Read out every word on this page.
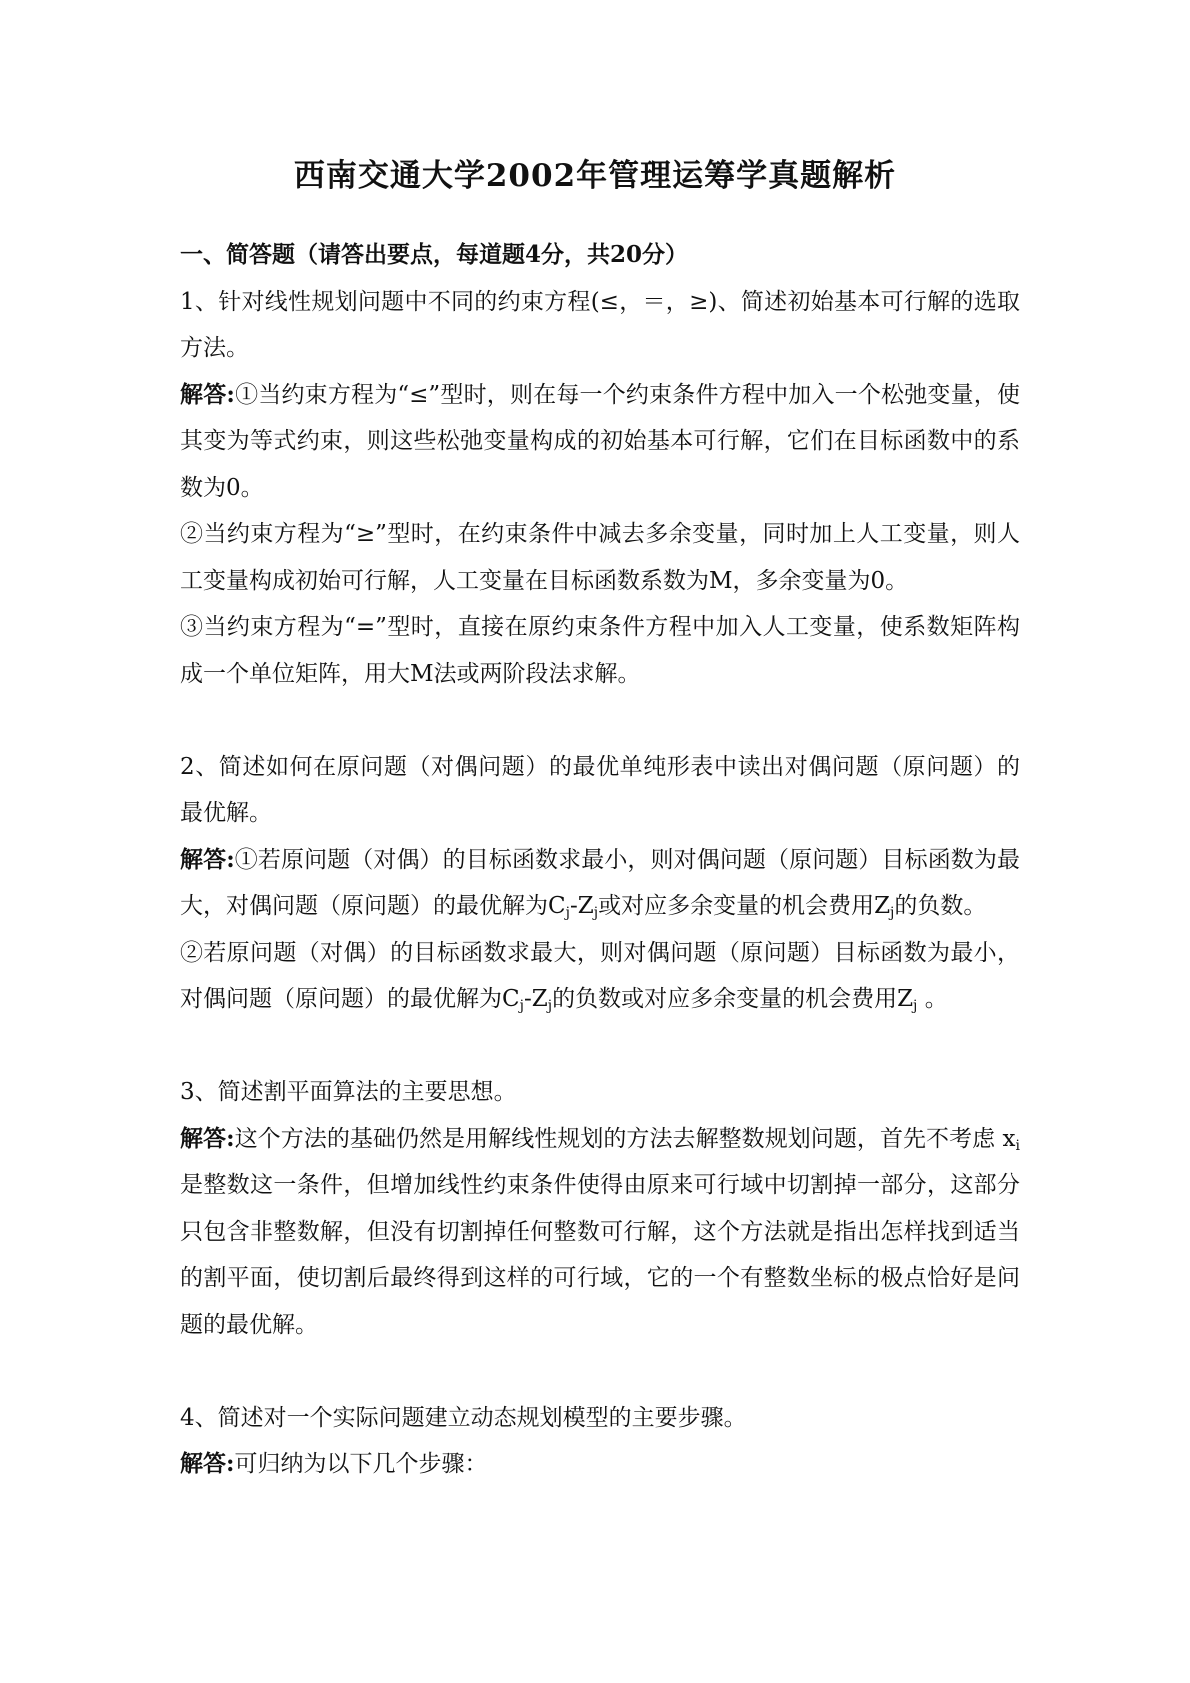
西南交通大学2002年管理运筹学真题解析

一、简答题（请答出要点，每道题4分，共20分）

1、针对线性规划问题中不同的约束方程(≤，＝，≥)、简述初始基本可行解的选取方法。

解答:①当约束方程为“≤”型时，则在每一个约束条件方程中加入一个松弛变量，使其变为等式约束，则这些松弛变量构成的初始基本可行解，它们在目标函数中的系数为0。

②当约束方程为“≥”型时，在约束条件中减去多余变量，同时加上人工变量，则人工变量构成初始可行解，人工变量在目标函数系数为M，多余变量为0。

③当约束方程为“=”型时，直接在原约束条件方程中加入人工变量，使系数矩阵构成一个单位矩阵，用大M法或两阶段法求解。

2、简述如何在原问题（对偶问题）的最优单纯形表中读出对偶问题（原问题）的最优解。

解答:①若原问题（对偶）的目标函数求最小，则对偶问题（原问题）目标函数为最大，对偶问题（原问题）的最优解为$C_j-Z_j$或对应多余变量的机会费用$Z_j$的负数。

②若原问题（对偶）的目标函数求最大，则对偶问题（原问题）目标函数为最小，对偶问题（原问题）的最优解为$C_j-Z_j$的负数或对应多余变量的机会费用$Z_j$ 。

3、简述割平面算法的主要思想。

解答:这个方法的基础仍然是用解线性规划的方法去解整数规划问题，首先不考虑 $x_i$是整数这一条件，但增加线性约束条件使得由原来可行域中切割掉一部分，这部分只包含非整数解，但没有切割掉任何整数可行解，这个方法就是指出怎样找到适当的割平面，使切割后最终得到这样的可行域，它的一个有整数坐标的极点恰好是问题的最优解。

4、简述对一个实际问题建立动态规划模型的主要步骤。

解答:可归纳为以下几个步骤：
